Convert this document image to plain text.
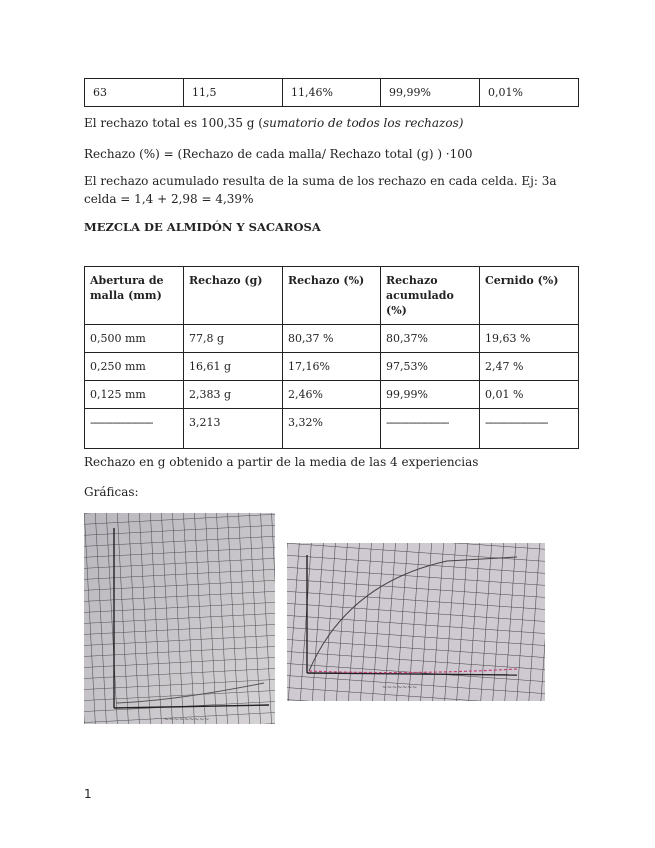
63	11,5	11,46%	99,99%	0,01%
El rechazo total es 100,35 g (sumatorio de todos los rechazos)
Rechazo (%) = (Rechazo de cada malla/ Rechazo total (g) ) ·100
El rechazo acumulado resulta de la suma de los rechazo en cada celda. Ej: 3a celda = 1,4 + 2,98 = 4,39%
MEZCLA DE ALMIDÓN Y SACAROSA
Abertura de malla (mm)	Rechazo (g)	Rechazo (%)	Rechazo acumulado (%)	Cernido (%)
0,500 mm	77,8 g	80,37 %	80,37%	19,63 %
0,250 mm	16,61 g	17,16%	97,53%	2,47 %
0,125 mm	2,383 g	2,46%	99,99%	0,01 %
-----------------------	3,213	3,32%	-----------------------	-----------------------
Rechazo en g obtenido a partir de la media de las 4 experiencias
Gráficas:
~~~~~~~~~
~~~~~~~
1
